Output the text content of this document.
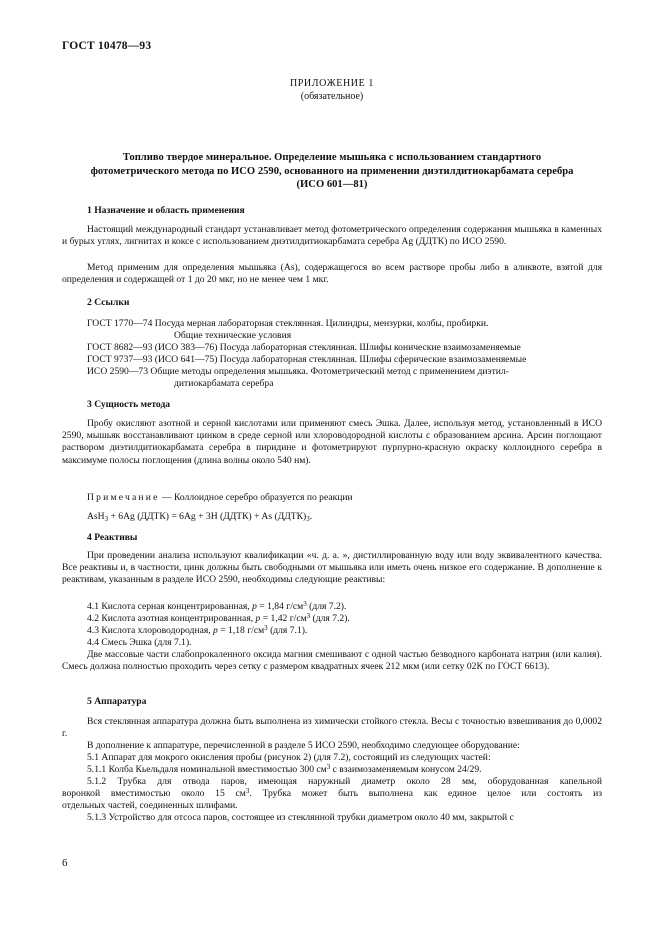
ГОСТ 10478—93
ПРИЛОЖЕНИЕ 1
(обязательное)
Топливо твердое минеральное. Определение мышьяка с использованием стандартного
фотометрического метода по ИСО 2590, основанного на применении диэтилдитиокарбамата серебра
(ИСО 601—81)
1 Назначение и область применения

Настоящий международный стандарт устанавливает метод фотометрического определения содержания мышьяка в каменных и бурых углях, лигнитах и коксе с использованием диэтилдитиокарбамата серебра Ag (ДДТК) по ИСО 2590.

Метод применим для определения мышьяка (As), содержащегося во всем растворе пробы либо в аликвоте, взятой для определения и содержащей от 1 до 20 мкг, но не менее чем 1 мкг.

2 Ссылки
ГОСТ 1770—74 Посуда мерная лабораторная стеклянная. Цилиндры, мензурки, колбы, пробирки.
Общие технические условия
ГОСТ 8682—93 (ИСО 383—76) Посуда лабораторная стеклянная. Шлифы конические взаимозаменяемые
ГОСТ 9737—93 (ИСО 641—75) Посуда лабораторная стеклянная. Шлифы сферические взаимозаменяемые
ИСО 2590—73 Общие методы определения мышьяка. Фотометрический метод с применением диэтил-
дитиокарбамата серебра
3 Сущность метода

Пробу окисляют азотной и серной кислотами или применяют смесь Эшка. Далее, используя метод, установленный в ИСО 2590, мышьяк восстанавливают цинком в среде серной или хлороводородной кислоты с образованием арсина. Арсин поглощают раствором диэтилдитиокарбамата серебра в пиридине и фотометрируют пурпурно-красную окраску коллоидного серебра в максимуме полосы поглощения (длина волны около 540 нм).

Примечание — Коллоидное серебро образуется по реакции
AsH$_3$ + 6Ag (ДДТК) = 6Ag + 3H (ДДТК) + As $(ДДТК)_3$.
4 Реактивы

При проведении анализа используют квалификации «ч. д. а. », дистиллированную воду или воду эквивалентного качества. Все реактивы и, в частности, цинк должны быть свободными от мышьяка или иметь очень низкое его содержание. В дополнение к реактивам, указанным в разделе ИСО 2590, необходимы следующие реактивы:

4.1 Кислота серная концентрированная, p = 1,84 $г/см^3$ (для 7.2).
4.2 Кислота азотная концентрированная, p = 1,42 $г/см^3$ (для 7.2).
4.3 Кислота хлороводородная, p = 1,18 $г/см^3$ (для 7.1).
4.4 Смесь Эшка (для 7.1).

Две массовые части слабопрокаленного оксида магния смешивают с одной частью безводного карбоната натрия (или калия). Смесь должна полностью проходить через сетку с размером квадратных ячеек 212 мкм (или сетку 02К по ГОСТ 6613).

5 Аппаратура

Вся стеклянная аппаратура должна быть выполнена из химически стойкого стекла. Весы с точностью взвешивания до 0,0002 г.

В дополнение к аппаратуре, перечисленной в разделе 5 ИСО 2590, необходимо следующее оборудование:
5.1 Аппарат для мокрого окисления пробы (рисунок 2) (для 7.2), состоящий из следующих частей:
5.1.1 Колба Кьельдаля номинальной вместимостью 300 $см^3$ с взаимозаменяемым конусом 24/29.
5.1.2 Трубка для отвода паров, имеющая наружный диаметр около 28 мм, оборудованная капельной
воронкой вместимостью около 15 $см^3$. Трубка может быть выполнена как единое целое или состоять из
отдельных частей, соединенных шлифами.
5.1.3 Устройство для отсоса паров, состоящее из стеклянной трубки диаметром около 40 мм, закрытой с
6
